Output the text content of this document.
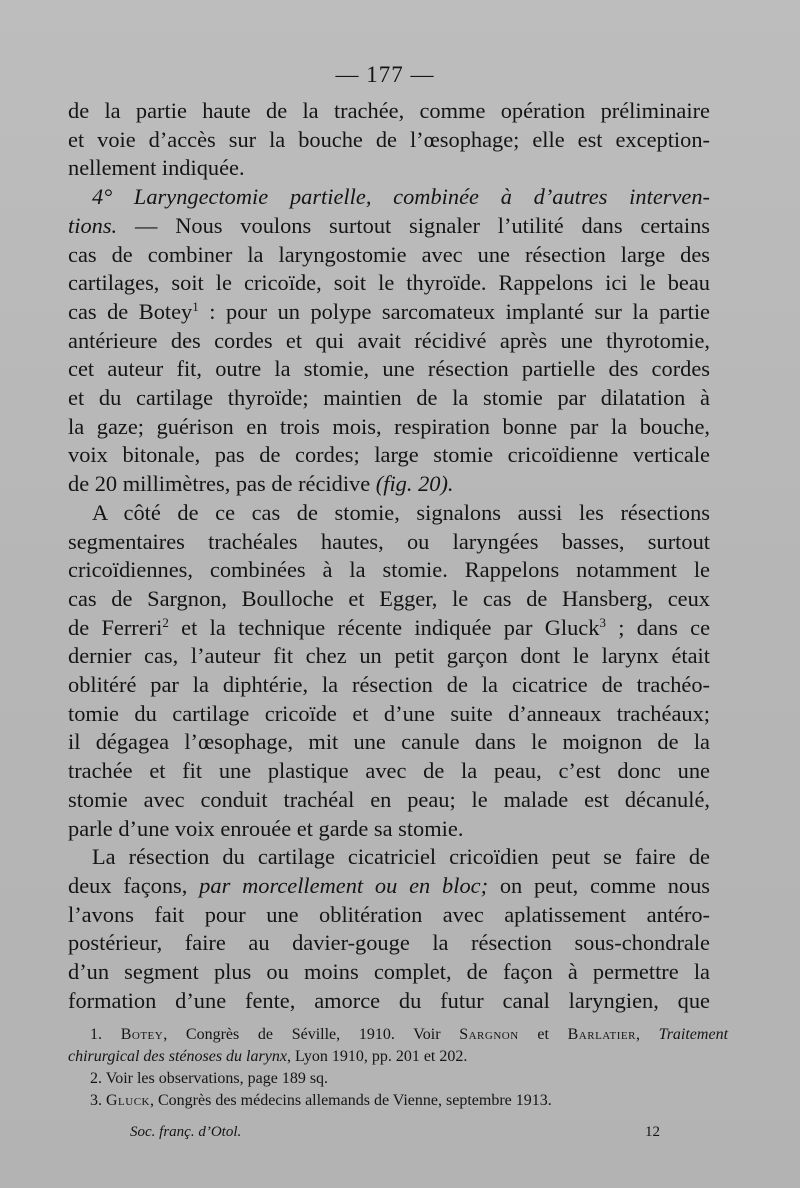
— 177 —
de la partie haute de la trachée, comme opération préliminaire
et voie d’accès sur la bouche de l’œsophage; elle est exception-
nellement indiquée.
4° Laryngectomie partielle, combinée à d’autres interven-
tions. — Nous voulons surtout signaler l’utilité dans certains
cas de combiner la laryngostomie avec une résection large des
cartilages, soit le cricoïde, soit le thyroïde. Rappelons ici le beau
cas de Botey$^1$ : pour un polype sarcomateux implanté sur la partie
antérieure des cordes et qui avait récidivé après une thyrotomie,
cet auteur fit, outre la stomie, une résection partielle des cordes
et du cartilage thyroïde; maintien de la stomie par dilatation à
la gaze; guérison en trois mois, respiration bonne par la bouche,
voix bitonale, pas de cordes; large stomie cricoïdienne verticale
de 20 millimètres, pas de récidive (fig. 20).
A côté de ce cas de stomie, signalons aussi les résections
segmentaires trachéales hautes, ou laryngées basses, surtout
cricoïdiennes, combinées à la stomie. Rappelons notamment le
cas de Sargnon, Boulloche et Egger, le cas de Hansberg, ceux
de Ferreri$^2$ et la technique récente indiquée par Gluck$^3$ ; dans ce
dernier cas, l’auteur fit chez un petit garçon dont le larynx était
oblitéré par la diphtérie, la résection de la cicatrice de trachéo-
tomie du cartilage cricoïde et d’une suite d’anneaux trachéaux;
il dégagea l’œsophage, mit une canule dans le moignon de la
trachée et fit une plastique avec de la peau, c’est donc une
stomie avec conduit trachéal en peau; le malade est décanulé,
parle d’une voix enrouée et garde sa stomie.
La résection du cartilage cicatriciel cricoïdien peut se faire de
deux façons, par morcellement ou en bloc; on peut, comme nous
l’avons fait pour une oblitération avec aplatissement antéro-
postérieur, faire au davier-gouge la résection sous-chondrale
d’un segment plus ou moins complet, de façon à permettre la
formation d’une fente, amorce du futur canal laryngien, que
1. Botey, Congrès de Séville, 1910. Voir Sargnon et Barlatier, Traitement
chirurgical des sténoses du larynx, Lyon 1910, pp. 201 et 202.
2. Voir les observations, page 189 sq.
3. Gluck, Congrès des médecins allemands de Vienne, septembre 1913.
Soc. franç. d’Otol.	12
